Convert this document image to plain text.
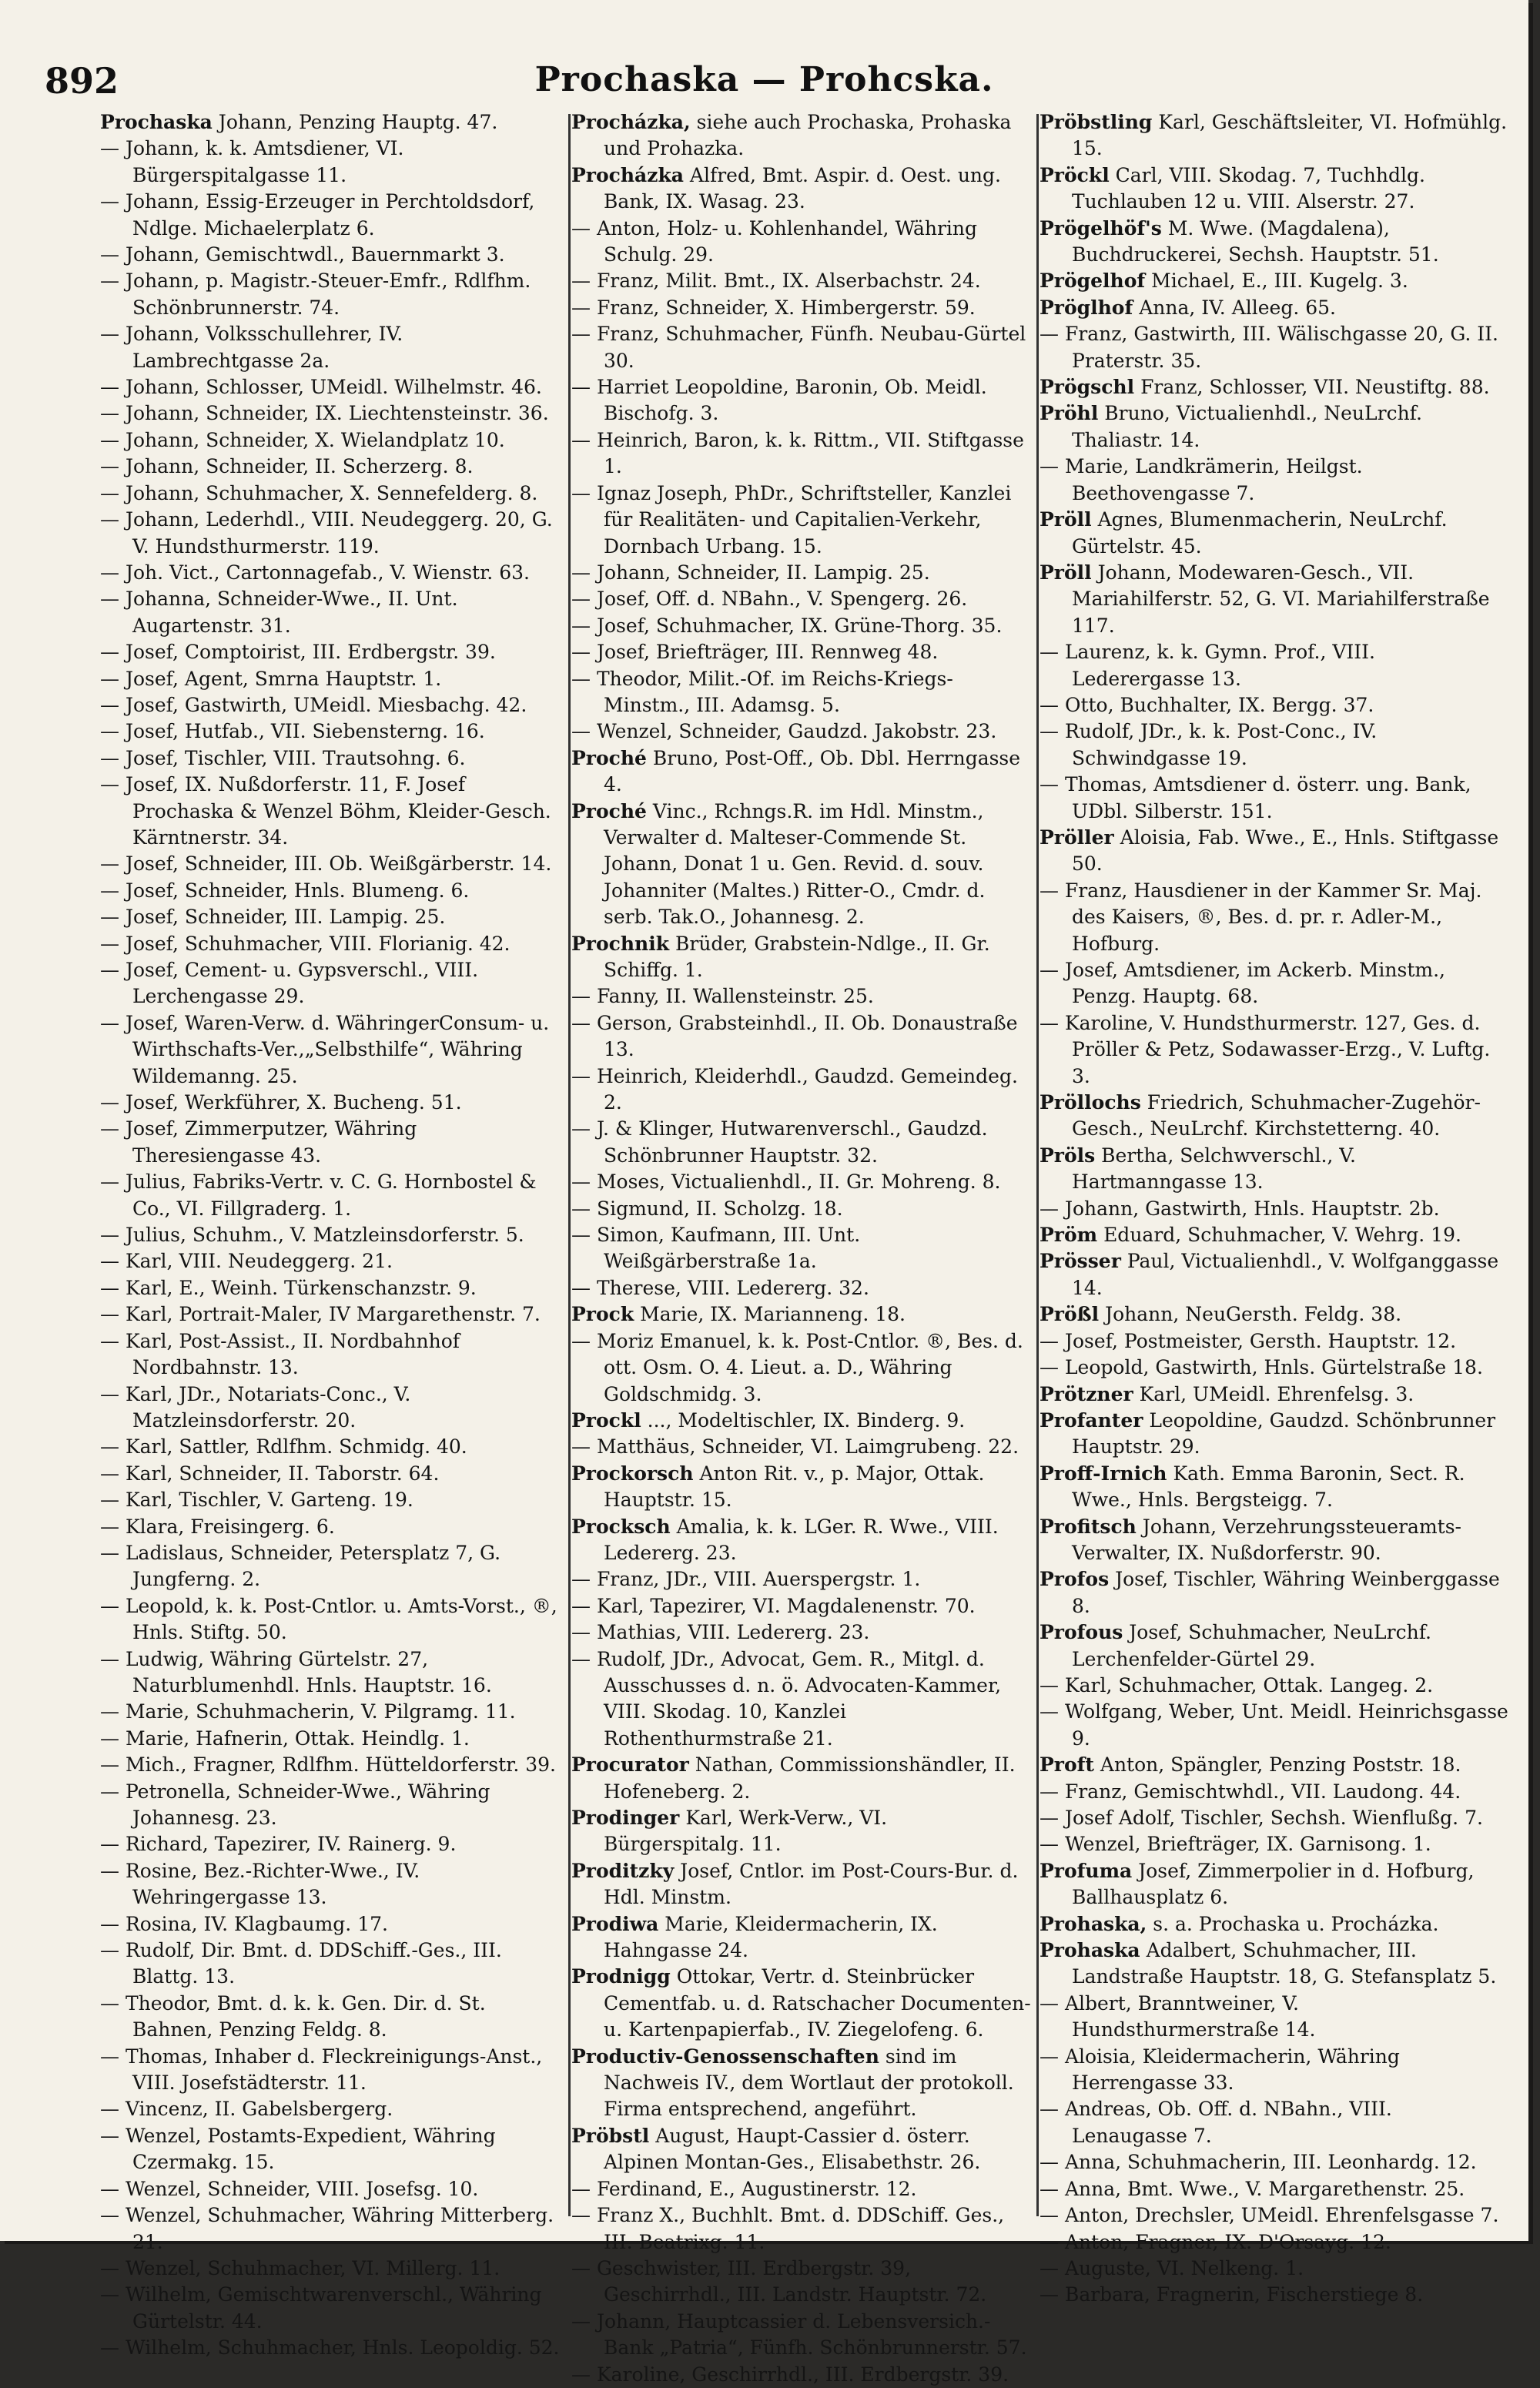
892	Prochaska — Prohcska.

Prochaska Johann, Penzing Hauptg. 47.

— Johann, k. k. Amtsdiener, VI. Bürgerspitalgasse 11.

— Johann, Essig-Erzeuger in Perchtoldsdorf, Ndlge. Michaelerplatz 6.

— Johann, Gemischtwdl., Bauernmarkt 3.

— Johann, p. Magistr.-Steuer-Emfr., Rdlfhm. Schönbrunnerstr. 74.

— Johann, Volksschullehrer, IV. Lambrechtgasse 2a.

— Johann, Schlosser, UMeidl. Wilhelmstr. 46.

— Johann, Schneider, IX. Liechtensteinstr. 36.

— Johann, Schneider, X. Wielandplatz 10.

— Johann, Schneider, II. Scherzerg. 8.

— Johann, Schuhmacher, X. Sennefelderg. 8.

— Johann, Lederhdl., VIII. Neudeggerg. 20, G. V. Hundsthurmerstr. 119.

— Joh. Vict., Cartonnagefab., V. Wienstr. 63.

— Johanna, Schneider-Wwe., II. Unt. Augartenstr. 31.

— Josef, Comptoirist, III. Erdbergstr. 39.

— Josef, Agent, Smrna Hauptstr. 1.

— Josef, Gastwirth, UMeidl. Miesbachg. 42.

— Josef, Hutfab., VII. Siebensterng. 16.

— Josef, Tischler, VIII. Trautsohng. 6.

— Josef, IX. Nußdorferstr. 11, F. Josef Prochaska & Wenzel Böhm, Kleider-Gesch. Kärntnerstr. 34.

— Josef, Schneider, III. Ob. Weißgärberstr. 14.

— Josef, Schneider, Hnls. Blumeng. 6.

— Josef, Schneider, III. Lampig. 25.

— Josef, Schuhmacher, VIII. Florianig. 42.

— Josef, Cement- u. Gypsverschl., VIII. Lerchengasse 29.

— Josef, Waren-Verw. d. WähringerConsum- u. Wirthschafts-Ver.,„Selbsthilfe“, Währing Wildemanng. 25.

— Josef, Werkführer, X. Bucheng. 51.

— Josef, Zimmerputzer, Währing Theresiengasse 43.

— Julius, Fabriks-Vertr. v. C. G. Hornbostel & Co., VI. Fillgraderg. 1.

— Julius, Schuhm., V. Matzleinsdorferstr. 5.

— Karl, VIII. Neudeggerg. 21.

— Karl, E., Weinh. Türkenschanzstr. 9.

— Karl, Portrait-Maler, IV Margarethenstr. 7.

— Karl, Post-Assist., II. Nordbahnhof Nordbahnstr. 13.

— Karl, JDr., Notariats-Conc., V. Matzleinsdorferstr. 20.

— Karl, Sattler, Rdlfhm. Schmidg. 40.

— Karl, Schneider, II. Taborstr. 64.

— Karl, Tischler, V. Garteng. 19.

— Klara, Freisingerg. 6.

— Ladislaus, Schneider, Petersplatz 7, G. Jungferng. 2.

— Leopold, k. k. Post-Cntlor. u. Amts-Vorst., ®, Hnls. Stiftg. 50.

— Ludwig, Währing Gürtelstr. 27, Naturblumenhdl. Hnls. Hauptstr. 16.

— Marie, Schuhmacherin, V. Pilgramg. 11.

— Marie, Hafnerin, Ottak. Heindlg. 1.

— Mich., Fragner, Rdlfhm. Hütteldorferstr. 39.

— Petronella, Schneider-Wwe., Währing Johannesg. 23.

— Richard, Tapezirer, IV. Rainerg. 9.

— Rosine, Bez.-Richter-Wwe., IV. Wehringergasse 13.

— Rosina, IV. Klagbaumg. 17.

— Rudolf, Dir. Bmt. d. DDSchiff.-Ges., III. Blattg. 13.

— Theodor, Bmt. d. k. k. Gen. Dir. d. St. Bahnen, Penzing Feldg. 8.

— Thomas, Inhaber d. Fleckreinigungs-Anst., VIII. Josefstädterstr. 11.

— Vincenz, II. Gabelsbergerg.

— Wenzel, Postamts-Expedient, Währing Czermakg. 15.

— Wenzel, Schneider, VIII. Josefsg. 10.

— Wenzel, Schuhmacher, Währing Mitterberg. 21.

— Wenzel, Schuhmacher, VI. Millerg. 11.

— Wilhelm, Gemischtwarenverschl., Währing Gürtelstr. 44.

— Wilhelm, Schuhmacher, Hnls. Leopoldig. 52.

Procházka, siehe auch Prochaska, Prohaska und Prohazka.

Procházka Alfred, Bmt. Aspir. d. Oest. ung. Bank, IX. Wasag. 23.

— Anton, Holz- u. Kohlenhandel, Währing Schulg. 29.

— Franz, Milit. Bmt., IX. Alserbachstr. 24.

— Franz, Schneider, X. Himbergerstr. 59.

— Franz, Schuhmacher, Fünfh. Neubau-Gürtel 30.

— Harriet Leopoldine, Baronin, Ob. Meidl. Bischofg. 3.

— Heinrich, Baron, k. k. Rittm., VII. Stiftgasse 1.

— Ignaz Joseph, PhDr., Schriftsteller, Kanzlei für Realitäten- und Capitalien-Verkehr, Dornbach Urbang. 15.

— Johann, Schneider, II. Lampig. 25.

— Josef, Off. d. NBahn., V. Spengerg. 26.

— Josef, Schuhmacher, IX. Grüne-Thorg. 35.

— Josef, Briefträger, III. Rennweg 48.

— Theodor, Milit.-Of. im Reichs-Kriegs-Minstm., III. Adamsg. 5.

— Wenzel, Schneider, Gaudzd. Jakobstr. 23.

Proché Bruno, Post-Off., Ob. Dbl. Herrngasse 4.

Proché Vinc., Rchngs.R. im Hdl. Minstm., Verwalter d. Malteser-Commende St. Johann, Donat 1 u. Gen. Revid. d. souv. Johanniter (Maltes.) Ritter-O., Cmdr. d. serb. Tak.O., Johannesg. 2.

Prochnik Brüder, Grabstein-Ndlge., II. Gr. Schiffg. 1.

— Fanny, II. Wallensteinstr. 25.

— Gerson, Grabsteinhdl., II. Ob. Donaustraße 13.

— Heinrich, Kleiderhdl., Gaudzd. Gemeindeg. 2.

— J. & Klinger, Hutwarenverschl., Gaudzd. Schönbrunner Hauptstr. 32.

— Moses, Victualienhdl., II. Gr. Mohreng. 8.

— Sigmund, II. Scholzg. 18.

— Simon, Kaufmann, III. Unt. Weißgärberstraße 1a.

— Therese, VIII. Ledererg. 32.

Prock Marie, IX. Marianneng. 18.

— Moriz Emanuel, k. k. Post-Cntlor. ®, Bes. d. ott. Osm. O. 4. Lieut. a. D., Währing Goldschmidg. 3.

Prockl ..., Modeltischler, IX. Binderg. 9.

— Matthäus, Schneider, VI. Laimgrubeng. 22.

Prockorsch Anton Rit. v., p. Major, Ottak. Hauptstr. 15.

Procksch Amalia, k. k. LGer. R. Wwe., VIII. Ledererg. 23.

— Franz, JDr., VIII. Auerspergstr. 1.

— Karl, Tapezirer, VI. Magdalenenstr. 70.

— Mathias, VIII. Ledererg. 23.

— Rudolf, JDr., Advocat, Gem. R., Mitgl. d. Ausschusses d. n. ö. Advocaten-Kammer, VIII. Skodag. 10, Kanzlei Rothenthurmstraße 21.

Procurator Nathan, Commissionshändler, II. Hofeneberg. 2.

Prodinger Karl, Werk-Verw., VI. Bürgerspitalg. 11.

Proditzky Josef, Cntlor. im Post-Cours-Bur. d. Hdl. Minstm.

Prodiwa Marie, Kleidermacherin, IX. Hahngasse 24.

Prodnigg Ottokar, Vertr. d. Steinbrücker Cementfab. u. d. Ratschacher Documenten- u. Kartenpapierfab., IV. Ziegelofeng. 6.

Productiv-Genossenschaften sind im Nachweis IV., dem Wortlaut der protokoll. Firma entsprechend, angeführt.

Pröbstl August, Haupt-Cassier d. österr. Alpinen Montan-Ges., Elisabethstr. 26.

— Ferdinand, E., Augustinerstr. 12.

— Franz X., Buchhlt. Bmt. d. DDSchiff. Ges., III. Beatrixg. 11.

— Geschwister, III. Erdbergstr. 39, Geschirrhdl., III. Landstr. Hauptstr. 72.

— Johann, Hauptcassier d. Lebensversich.-Bank „Patria“, Fünfh. Schönbrunnerstr. 57.

— Karoline, Geschirrhdl., III. Erdbergstr. 39.

Pröbstling Karl, Geschäftsleiter, VI. Hofmühlg. 15.

Pröckl Carl, VIII. Skodag. 7, Tuchhdlg. Tuchlauben 12 u. VIII. Alserstr. 27.

Prögelhöf's M. Wwe. (Magdalena), Buchdruckerei, Sechsh. Hauptstr. 51.

Prögelhof Michael, E., III. Kugelg. 3.

Pröglhof Anna, IV. Alleeg. 65.

— Franz, Gastwirth, III. Wälischgasse 20, G. II. Praterstr. 35.

Prögschl Franz, Schlosser, VII. Neustiftg. 88.

Pröhl Bruno, Victualienhdl., NeuLrchf. Thaliastr. 14.

— Marie, Landkrämerin, Heilgst. Beethovengasse 7.

Pröll Agnes, Blumenmacherin, NeuLrchf. Gürtelstr. 45.

Pröll Johann, Modewaren-Gesch., VII. Mariahilferstr. 52, G. VI. Mariahilferstraße 117.

— Laurenz, k. k. Gymn. Prof., VIII. Lederergasse 13.

— Otto, Buchhalter, IX. Bergg. 37.

— Rudolf, JDr., k. k. Post-Conc., IV. Schwindgasse 19.

— Thomas, Amtsdiener d. österr. ung. Bank, UDbl. Silberstr. 151.

Pröller Aloisia, Fab. Wwe., E., Hnls. Stiftgasse 50.

— Franz, Hausdiener in der Kammer Sr. Maj. des Kaisers, ®, Bes. d. pr. r. Adler-M., Hofburg.

— Josef, Amtsdiener, im Ackerb. Minstm., Penzg. Hauptg. 68.

— Karoline, V. Hundsthurmerstr. 127, Ges. d. Pröller & Petz, Sodawasser-Erzg., V. Luftg. 3.

Pröllochs Friedrich, Schuhmacher-Zugehör-Gesch., NeuLrchf. Kirchstetterng. 40.

Pröls Bertha, Selchwverschl., V. Hartmanngasse 13.

— Johann, Gastwirth, Hnls. Hauptstr. 2b.

Pröm Eduard, Schuhmacher, V. Wehrg. 19.

Prösser Paul, Victualienhdl., V. Wolfganggasse 14.

Prößl Johann, NeuGersth. Feldg. 38.

— Josef, Postmeister, Gersth. Hauptstr. 12.

— Leopold, Gastwirth, Hnls. Gürtelstraße 18.

Prötzner Karl, UMeidl. Ehrenfelsg. 3.

Profanter Leopoldine, Gaudzd. Schönbrunner Hauptstr. 29.

Proff-Irnich Kath. Emma Baronin, Sect. R. Wwe., Hnls. Bergsteigg. 7.

Profitsch Johann, Verzehrungssteueramts-Verwalter, IX. Nußdorferstr. 90.

Profos Josef, Tischler, Währing Weinberggasse 8.

Profous Josef, Schuhmacher, NeuLrchf. Lerchenfelder-Gürtel 29.

— Karl, Schuhmacher, Ottak. Langeg. 2.

— Wolfgang, Weber, Unt. Meidl. Heinrichsgasse 9.

Proft Anton, Spängler, Penzing Poststr. 18.

— Franz, Gemischtwhdl., VII. Laudong. 44.

— Josef Adolf, Tischler, Sechsh. Wienflußg. 7.

— Wenzel, Briefträger, IX. Garnisong. 1.

Profuma Josef, Zimmerpolier in d. Hofburg, Ballhausplatz 6.

Prohaska, s. a. Prochaska u. Procházka.

Prohaska Adalbert, Schuhmacher, III. Landstraße Hauptstr. 18, G. Stefansplatz 5.

— Albert, Branntweiner, V. Hundsthurmerstraße 14.

— Aloisia, Kleidermacherin, Währing Herrengasse 33.

— Andreas, Ob. Off. d. NBahn., VIII. Lenaugasse 7.

— Anna, Schuhmacherin, III. Leonhardg. 12.

— Anna, Bmt. Wwe., V. Margarethenstr. 25.

— Anton, Drechsler, UMeidl. Ehrenfelsgasse 7.

— Anton, Fragner, IX. D'Orsayg. 12.

— Auguste, VI. Nelkeng. 1.

— Barbara, Fragnerin, Fischerstiege 8.
